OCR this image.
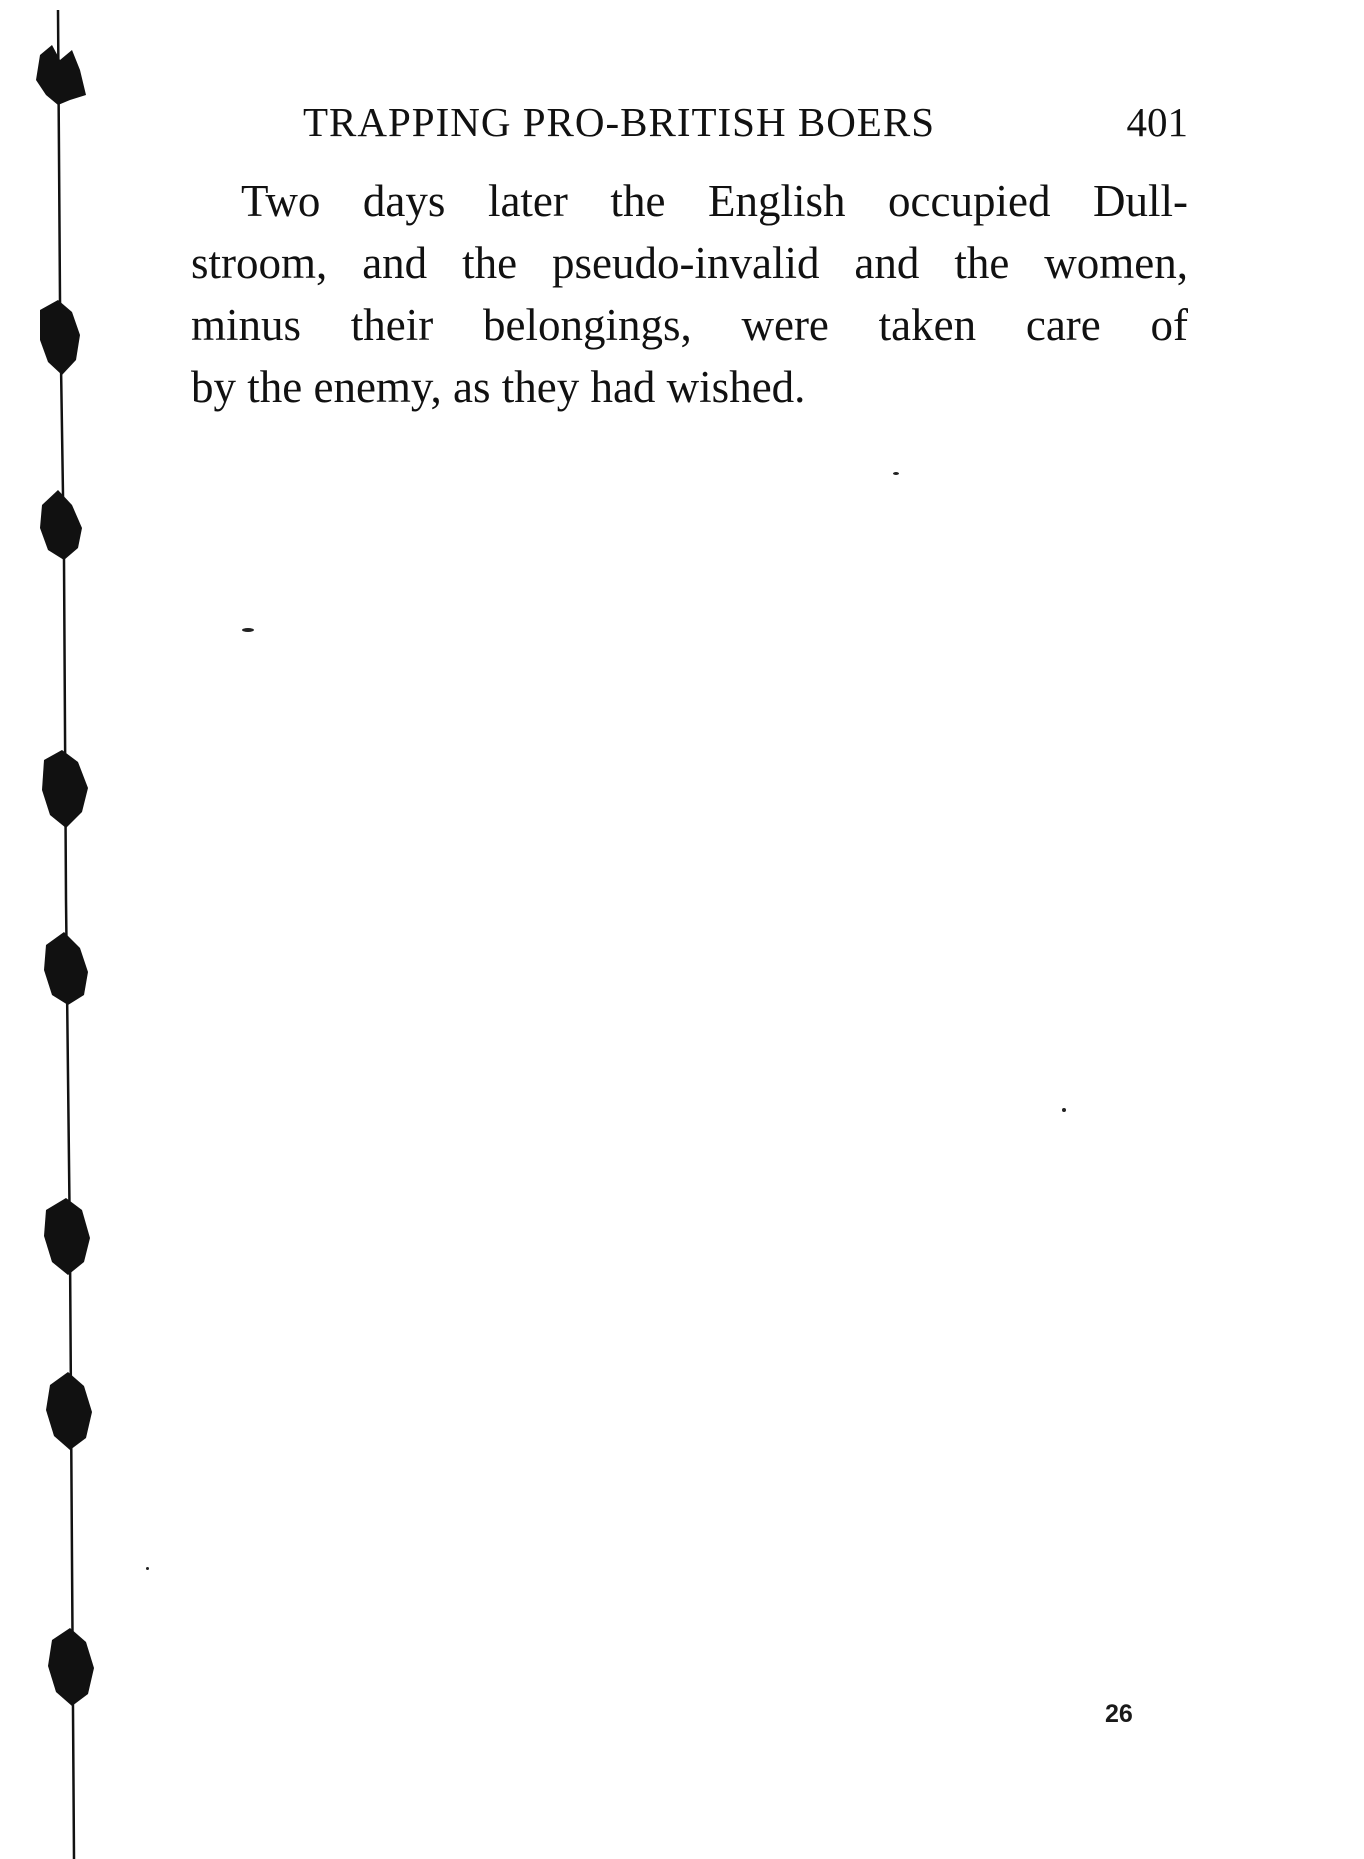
TRAPPING PRO-BRITISH BOERS	401
Two days later the English occupied Dull-
stroom, and the pseudo-invalid and the women,
minus their belongings, were taken care of
by the enemy, as they had wished.
26
